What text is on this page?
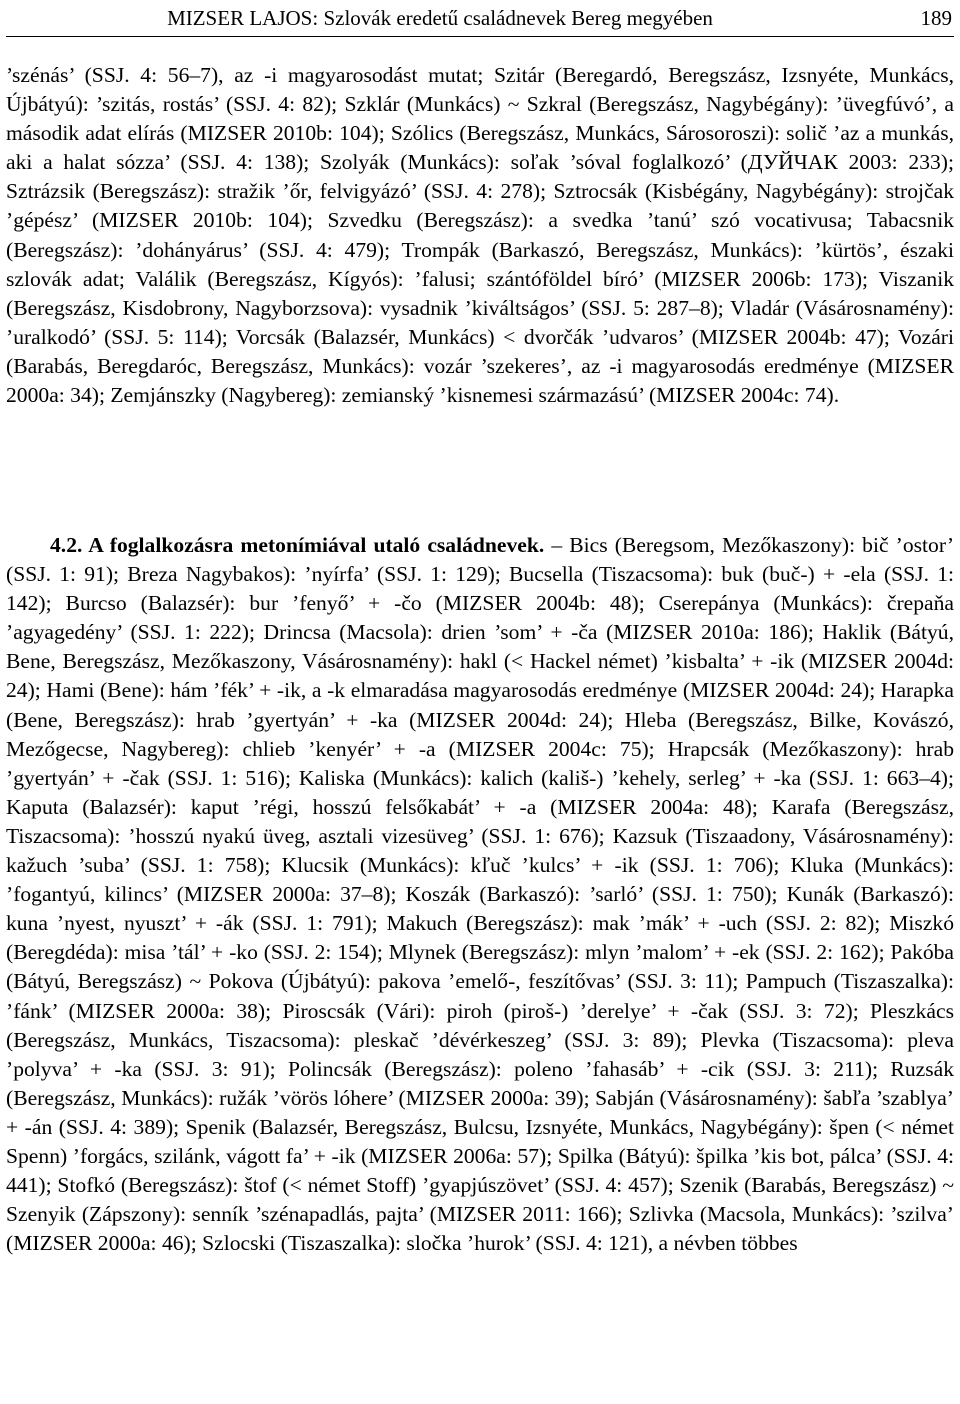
MIZSER LAJOS: Szlovák eredetű családnevek Bereg megyében	189

’szénás’ (SSJ. 4: 56–7), az -i magyarosodást mutat; Szitár (Beregardó, Beregszász, Izsnyéte, Munkács, Újbátyú): ’szitás, rostás’ (SSJ. 4: 82); Szklár (Munkács) ~ Szkral (Beregszász, Nagybégány): ’üvegfúvó’, a második adat elírás (MIZSER 2010b: 104); Szólics (Beregszász, Munkács, Sárosoroszi): solič ’az a munkás, aki a halat sózza’ (SSJ. 4: 138); Szolyák (Munkács): soľak ’sóval foglalkozó’ (ДУЙЧАК 2003: 233); Sztrázsik (Beregszász): stražik ’őr, felvigyázó’ (SSJ. 4: 278); Sztrocsák (Kisbégány, Nagybégány): strojčak ’gépész’ (MIZSER 2010b: 104); Szvedku (Beregszász): a svedka ’tanú’ szó vocativusa; Tabacsnik (Beregszász): ’dohányárus’ (SSJ. 4: 479); Trompák (Barkaszó, Beregszász, Munkács): ’kürtös’, északi szlovák adat; Valálik (Beregszász, Kígyós): ’falusi; szántóföldel bíró’ (MIZSER 2006b: 173); Viszanik (Beregszász, Kisdobrony, Nagyborzsova): vysadnik ’kiváltságos’ (SSJ. 5: 287–8); Vladár (Vásárosnamény): ’uralkodó’ (SSJ. 5: 114); Vorcsák (Balazsér, Munkács) < dvorčák ’udvaros’ (MIZSER 2004b: 47); Vozári (Barabás, Beregdaróc, Beregszász, Munkács): vozár ’szekeres’, az -i magyarosodás eredménye (MIZSER 2000a: 34); Zemjánszky (Nagybereg): zemianský ’kisnemesi származású’ (MIZSER 2004c: 74).

4.2. A foglalkozásra metonímiával utaló családnevek. – Bics (Beregsom, Mezőkaszony): bič ’ostor’ (SSJ. 1: 91); Breza Nagybakos): ’nyírfa’ (SSJ. 1: 129); Bucsella (Tiszacsoma): buk (buč-) + -ela (SSJ. 1: 142); Burcso (Balazsér): bur ’fenyő’ + -čo (MIZSER 2004b: 48); Cserepánya (Munkács): črepaňa ’agyagedény’ (SSJ. 1: 222); Drincsa (Macsola): drien ’som’ + -ča (MIZSER 2010a: 186); Haklik (Bátyú, Bene, Beregszász, Mezőkaszony, Vásárosnamény): hakl (< Hackel német) ’kisbalta’ + -ik (MIZSER 2004d: 24); Hami (Bene): hám ’fék’ + -ik, a -k elmaradása magyarosodás eredménye (MIZSER 2004d: 24); Harapka (Bene, Beregszász): hrab ’gyertyán’ + -ka (MIZSER 2004d: 24); Hleba (Beregszász, Bilke, Kovászó, Mezőgecse, Nagybereg): chlieb ’kenyér’ + -a (MIZSER 2004c: 75); Hrapcsák (Mezőkaszony): hrab ’gyertyán’ + -čak (SSJ. 1: 516); Kaliska (Munkács): kalich (kališ-) ’kehely, serleg’ + -ka (SSJ. 1: 663–4); Kaputa (Balazsér): kaput ’régi, hosszú felsőkabát’ + -a (MIZSER 2004a: 48); Karafa (Beregszász, Tiszacsoma): ’hosszú nyakú üveg, asztali vizesüveg’ (SSJ. 1: 676); Kazsuk (Tiszaadony, Vásárosnamény): kažuch ’suba’ (SSJ. 1: 758); Klucsik (Munkács): kľuč ’kulcs’ + -ik (SSJ. 1: 706); Kluka (Munkács): ’fogantyú, kilincs’ (MIZSER 2000a: 37–8); Koszák (Barkaszó): ’sarló’ (SSJ. 1: 750); Kunák (Barkaszó): kuna ’nyest, nyuszt’ + -ák (SSJ. 1: 791); Makuch (Beregszász): mak ’mák’ + -uch (SSJ. 2: 82); Miszkó (Beregdéda): misa ’tál’ + -ko (SSJ. 2: 154); Mlynek (Beregszász): mlyn ’malom’ + -ek (SSJ. 2: 162); Pakóba (Bátyú, Beregszász) ~ Pokova (Újbátyú): pakova ’emelő-, feszítővas’ (SSJ. 3: 11); Pampuch (Tiszaszalka): ’fánk’ (MIZSER 2000a: 38); Piroscsák (Vári): piroh (piroš-) ’derelye’ + -čak (SSJ. 3: 72); Pleszkács (Beregszász, Munkács, Tiszacsoma): pleskač ’dévérkeszeg’ (SSJ. 3: 89); Plevka (Tiszacsoma): pleva ’polyva’ + -ka (SSJ. 3: 91); Polincsák (Beregszász): poleno ’fahasáb’ + -cik (SSJ. 3: 211); Ruzsák (Beregszász, Munkács): ružák ’vörös lóhere’ (MIZSER 2000a: 39); Sabján (Vásárosnamény): šabľa ’szablya’ + -án (SSJ. 4: 389); Spenik (Balazsér, Beregszász, Bulcsu, Izsnyéte, Munkács, Nagybégány): špen (< német Spenn) ’forgács, szilánk, vágott fa’ + -ik (MIZSER 2006a: 57); Spilka (Bátyú): špilka ’kis bot, pálca’ (SSJ. 4: 441); Stofkó (Beregszász): štof (< német Stoff) ’gyapjúszövet’ (SSJ. 4: 457); Szenik (Barabás, Beregszász) ~ Szenyik (Zápszony): senník ’szénapadlás, pajta’ (MIZSER 2011: 166); Szlivka (Macsola, Munkács): ’szilva’ (MIZSER 2000a: 46); Szlocski (Tiszaszalka): sločka ’hurok’ (SSJ. 4: 121), a névben többes
